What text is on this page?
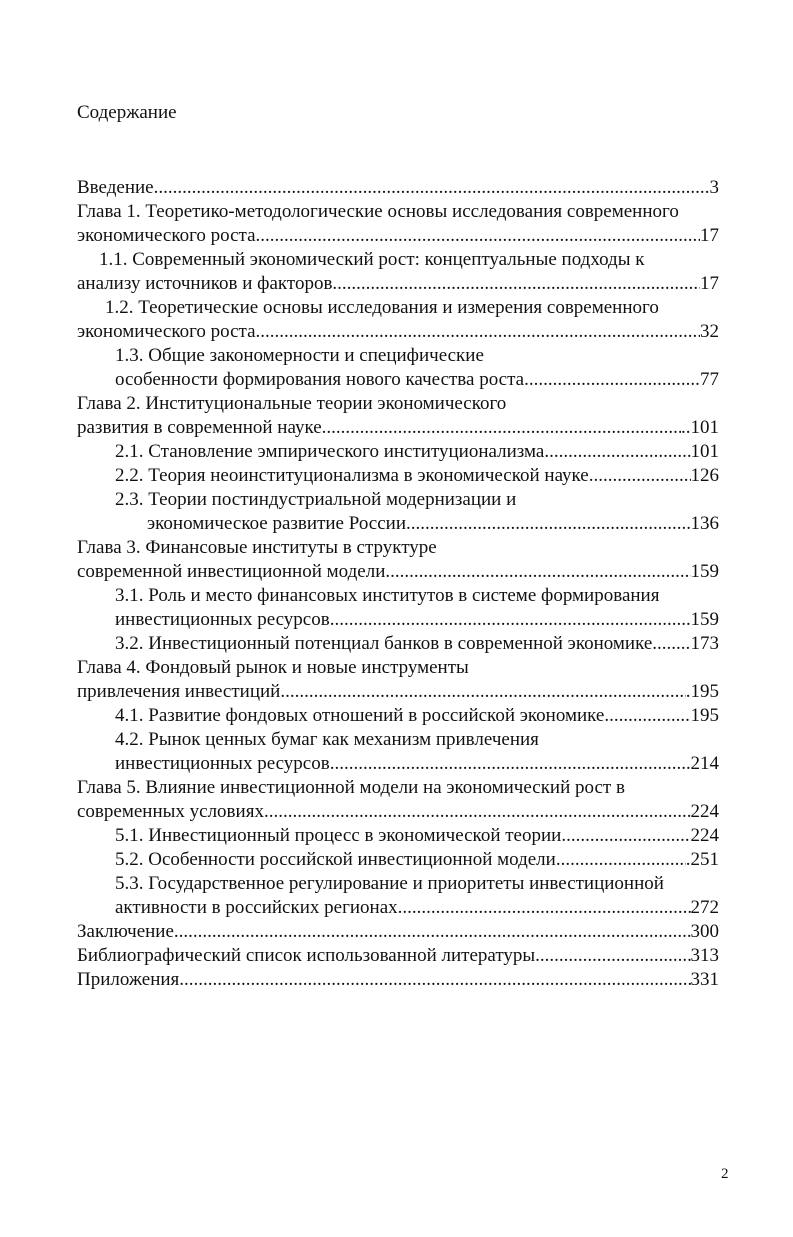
Содержание
Введение .....	.3
Глава 1. Теоретико-методологические основы исследования современного
экономического роста .....	17
1.1. Современный экономический рост: концептуальные подходы к
анализу источников и факторов .....	17
1.2. Теоретические основы исследования и измерения современного
экономического роста .....	32
1.3. Общие закономерности и специфические
особенности формирования нового качества роста .....	77
Глава 2. Институциональные теории экономического
развития в современной науке .....	..101
2.1. Становление эмпирического институционализма .....	101
2.2. Теория неоинституционализма в экономической науке .....	126
2.3. Теории постиндустриальной модернизации и
экономическое развитие России .....	136
Глава 3. Финансовые институты в структуре
современной инвестиционной модели .....	159
3.1. Роль и место финансовых институтов в системе формирования
инвестиционных ресурсов .....	159
3.2. Инвестиционный потенциал банков в современной экономике ..... 173
Глава 4. Фондовый рынок и новые инструменты
привлечения инвестиций .....	.195
4.1. Развитие фондовых отношений в российской экономике .....	195
4.2. Рынок ценных бумаг как механизм привлечения
инвестиционных ресурсов .....	214
Глава 5. Влияние инвестиционной модели на экономический рост в
современных условиях .....	224
5.1. Инвестиционный процесс в экономической теории .....	224
5.2. Особенности российской инвестиционной модели .....	.251
5.3. Государственное регулирование и приоритеты инвестиционной
активности в российских регионах .....	272
Заключение .....	300
Библиографический список использованной литературы .....	313
Приложения .....	331
2
